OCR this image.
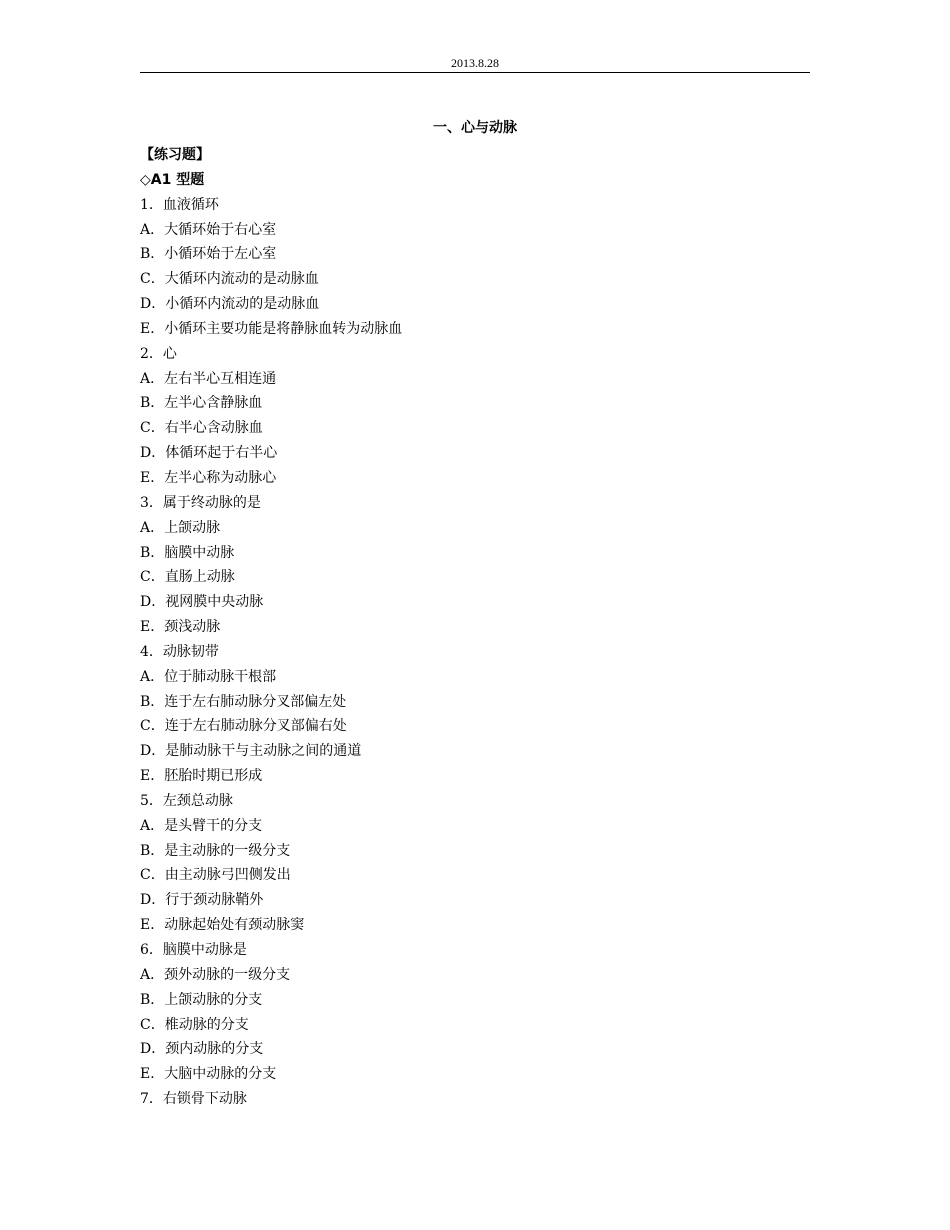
2013.8.28
一、心与动脉
【练习题】
◇A1 型题
1．血液循环
A．大循环始于右心室
B．小循环始于左心室
C．大循环内流动的是动脉血
D．小循环内流动的是动脉血
E．小循环主要功能是将静脉血转为动脉血
2．心
A．左右半心互相连通
B．左半心含静脉血
C．右半心含动脉血
D．体循环起于右半心
E．左半心称为动脉心
3．属于终动脉的是
A．上颌动脉
B．脑膜中动脉
C．直肠上动脉
D．视网膜中央动脉
E．颈浅动脉
4．动脉韧带
A．位于肺动脉干根部
B．连于左右肺动脉分叉部偏左处
C．连于左右肺动脉分叉部偏右处
D．是肺动脉干与主动脉之间的通道
E．胚胎时期已形成
5．左颈总动脉
A．是头臂干的分支
B．是主动脉的一级分支
C．由主动脉弓凹侧发出
D．行于颈动脉鞘外
E．动脉起始处有颈动脉窦
6．脑膜中动脉是
A．颈外动脉的一级分支
B．上颌动脉的分支
C．椎动脉的分支
D．颈内动脉的分支
E．大脑中动脉的分支
7．右锁骨下动脉
